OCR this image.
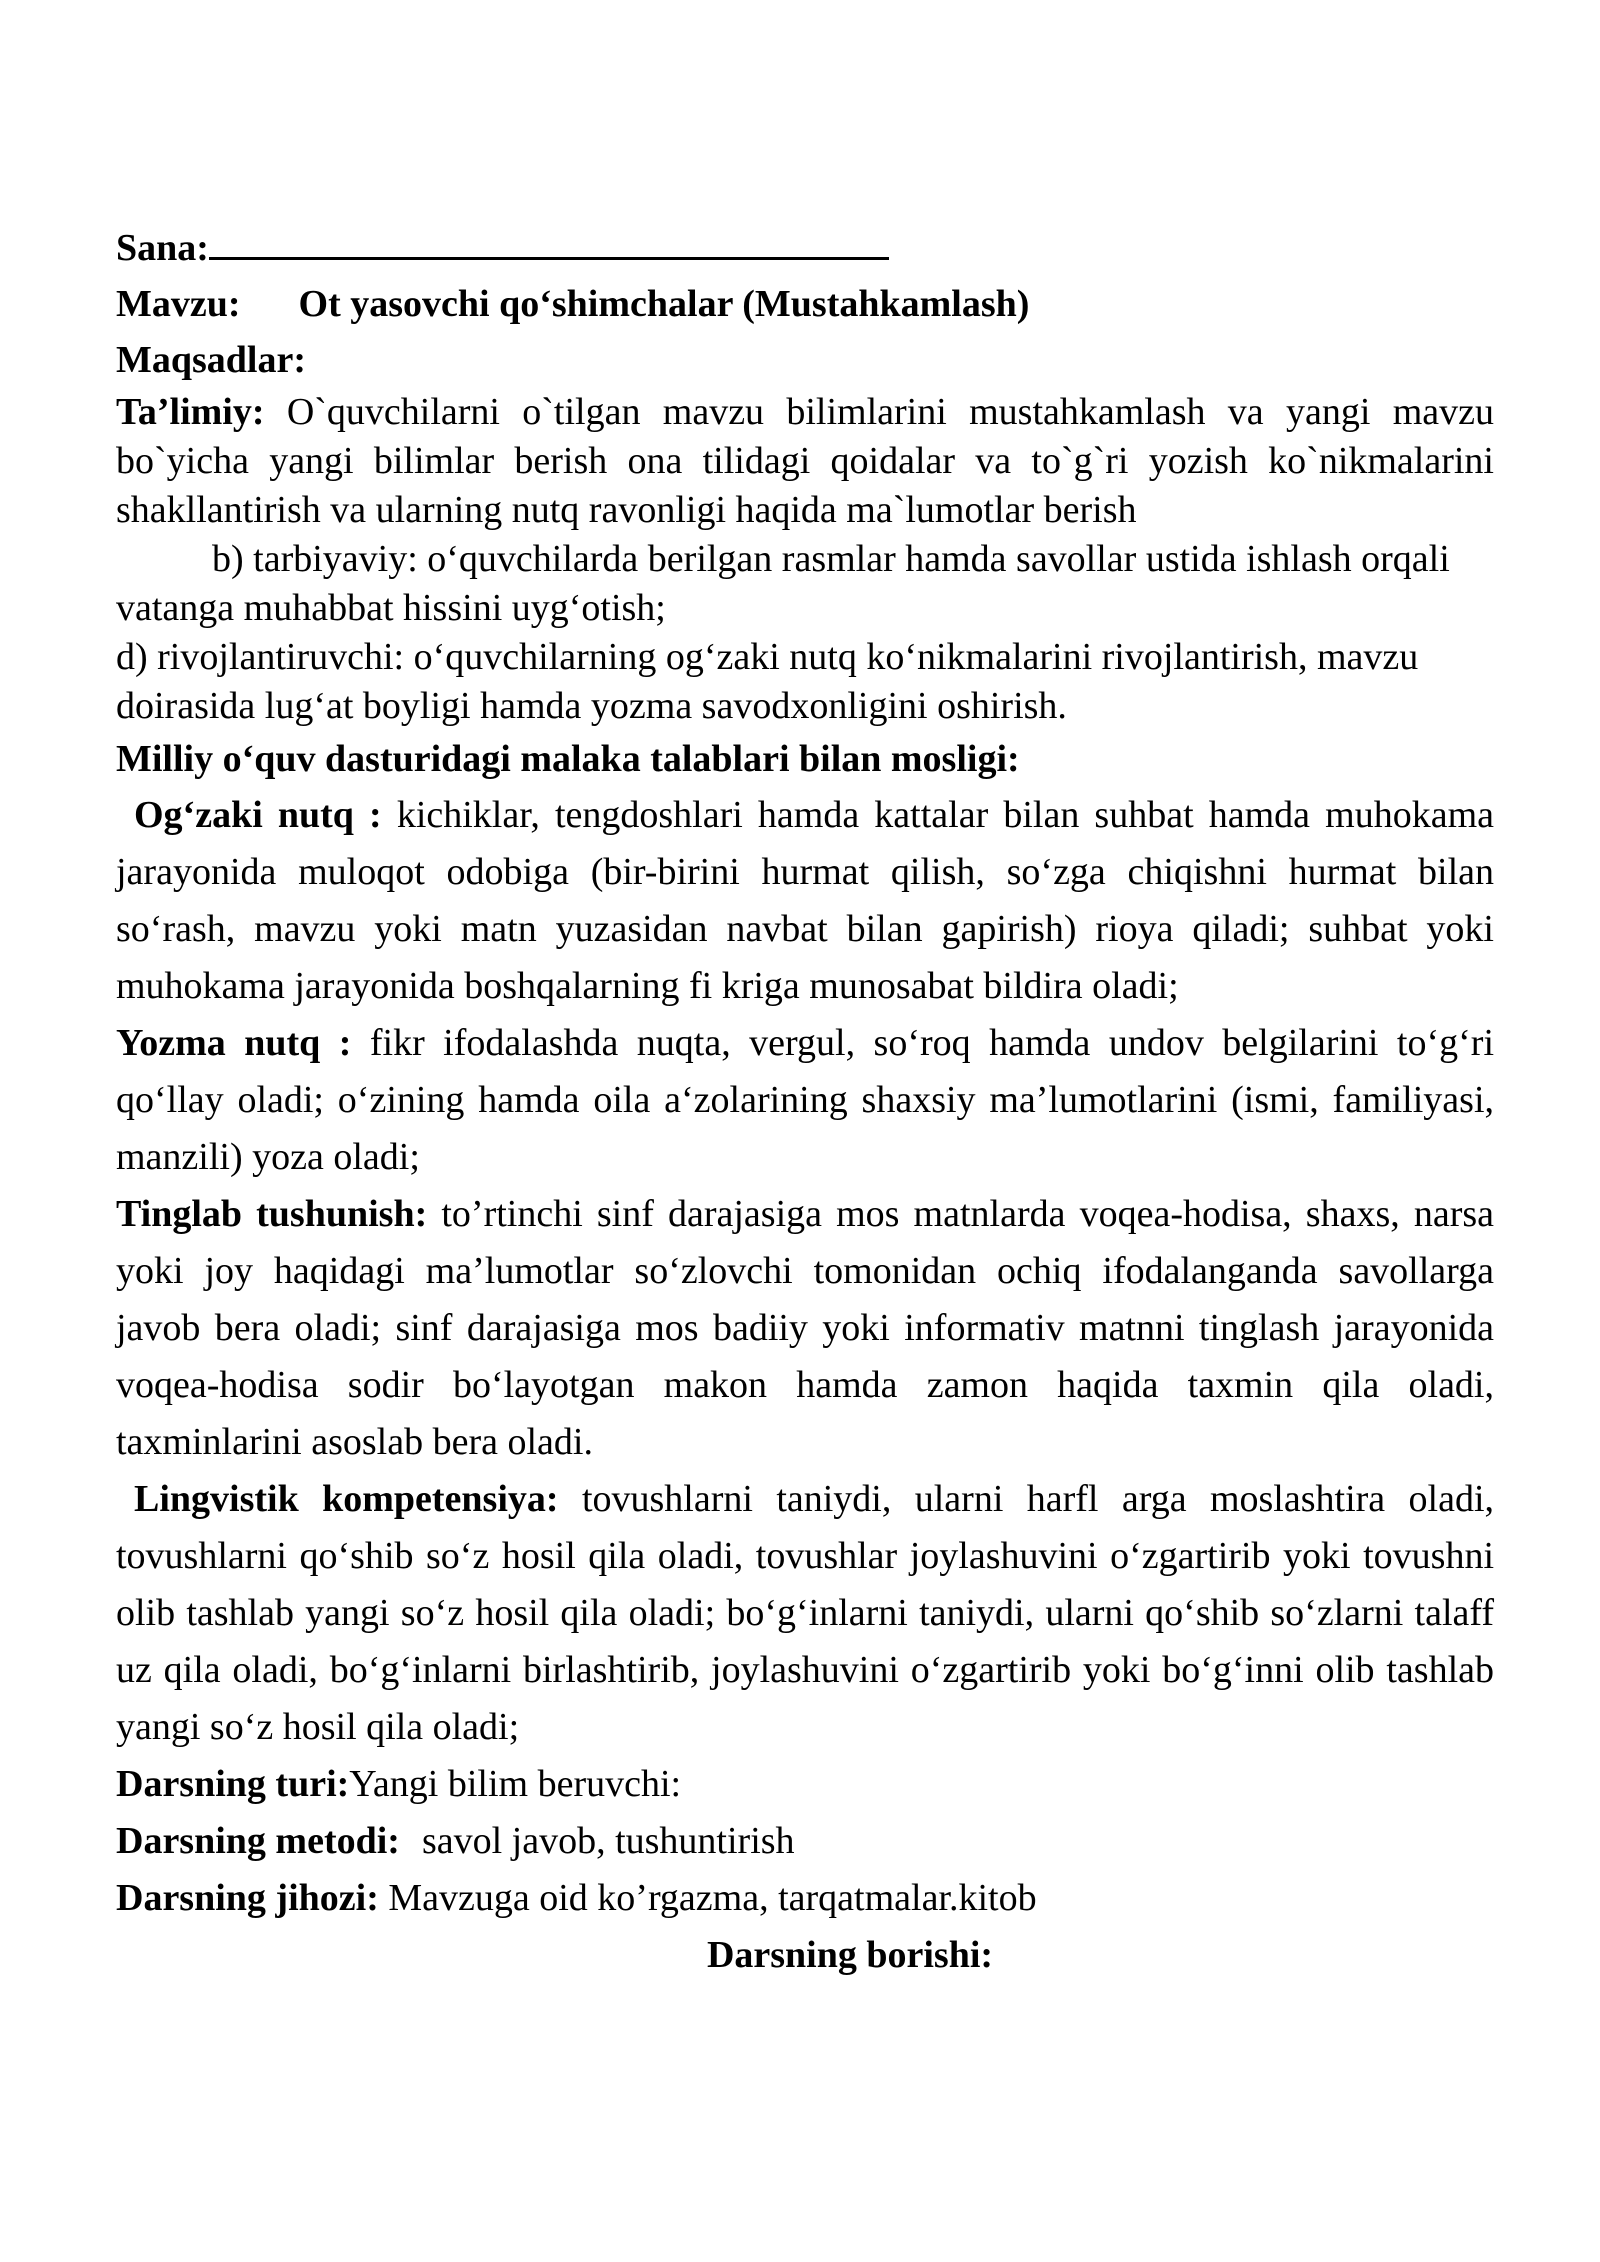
Sana:

Mavzu: Ot yasovchi qo‘shimchalar (Mustahkamlash)

Maqsadlar:

Ta’limiy: O`quvchilarni o`tilgan mavzu bilimlarini mustahkamlash va yangi mavzu bo`yicha yangi bilimlar berish ona tilidagi qoidalar va to`g`ri yozish ko`nikmalarini shakllantirish va ularning nutq ravonligi haqida ma`lumotlar berish

b) tarbiyaviy: o‘quvchilarda berilgan rasmlar hamda savollar ustida ishlash orqali vatanga muhabbat hissini uyg‘otish;

d) rivojlantiruvchi: o‘quvchilarning og‘zaki nutq ko‘nikmalarini rivojlantirish, mavzu doirasida lug‘at boyligi hamda yozma savodxonligini oshirish.

Milliy o‘quv dasturidagi malaka talablari bilan mosligi:

Og‘zaki nutq : kichiklar, tengdoshlari hamda kattalar bilan suhbat hamda muhokama jarayonida muloqot odobiga (bir-birini hurmat qilish, so‘zga chiqishni hurmat bilan so‘rash, mavzu yoki matn yuzasidan navbat bilan gapirish) rioya qiladi; suhbat yoki muhokama jarayonida boshqalarning fi kriga munosabat bildira oladi;

Yozma nutq : fikr ifodalashda nuqta, vergul, so‘roq hamda undov belgilarini to‘g‘ri qo‘llay oladi; o‘zining hamda oila a‘zolarining shaxsiy ma’lumotlarini (ismi, familiyasi, manzili) yoza oladi;

Tinglab tushunish: to’rtinchi sinf darajasiga mos matnlarda voqea-hodisa, shaxs, narsa yoki joy haqidagi ma’lumotlar so‘zlovchi tomonidan ochiq ifodalanganda savollarga javob bera oladi; sinf darajasiga mos badiiy yoki informativ matnni tinglash jarayonida voqea-hodisa sodir bo‘layotgan makon hamda zamon haqida taxmin qila oladi, taxminlarini asoslab bera oladi.

Lingvistik kompetensiya: tovushlarni taniydi, ularni harfl arga moslashtira oladi, tovushlarni qo‘shib so‘z hosil qila oladi, tovushlar joylashuvini o‘zgartirib yoki tovushni olib tashlab yangi so‘z hosil qila oladi; bo‘g‘inlarni taniydi, ularni qo‘shib so‘zlarni talaff uz qila oladi, bo‘g‘inlarni birlashtirib, joylashuvini o‘zgartirib yoki bo‘g‘inni olib tashlab yangi so‘z hosil qila oladi;

Darsning turi:Yangi bilim beruvchi:

Darsning metodi: savol javob, tushuntirish

Darsning jihozi: Mavzuga oid ko’rgazma, tarqatmalar.kitob

Darsning borishi:
